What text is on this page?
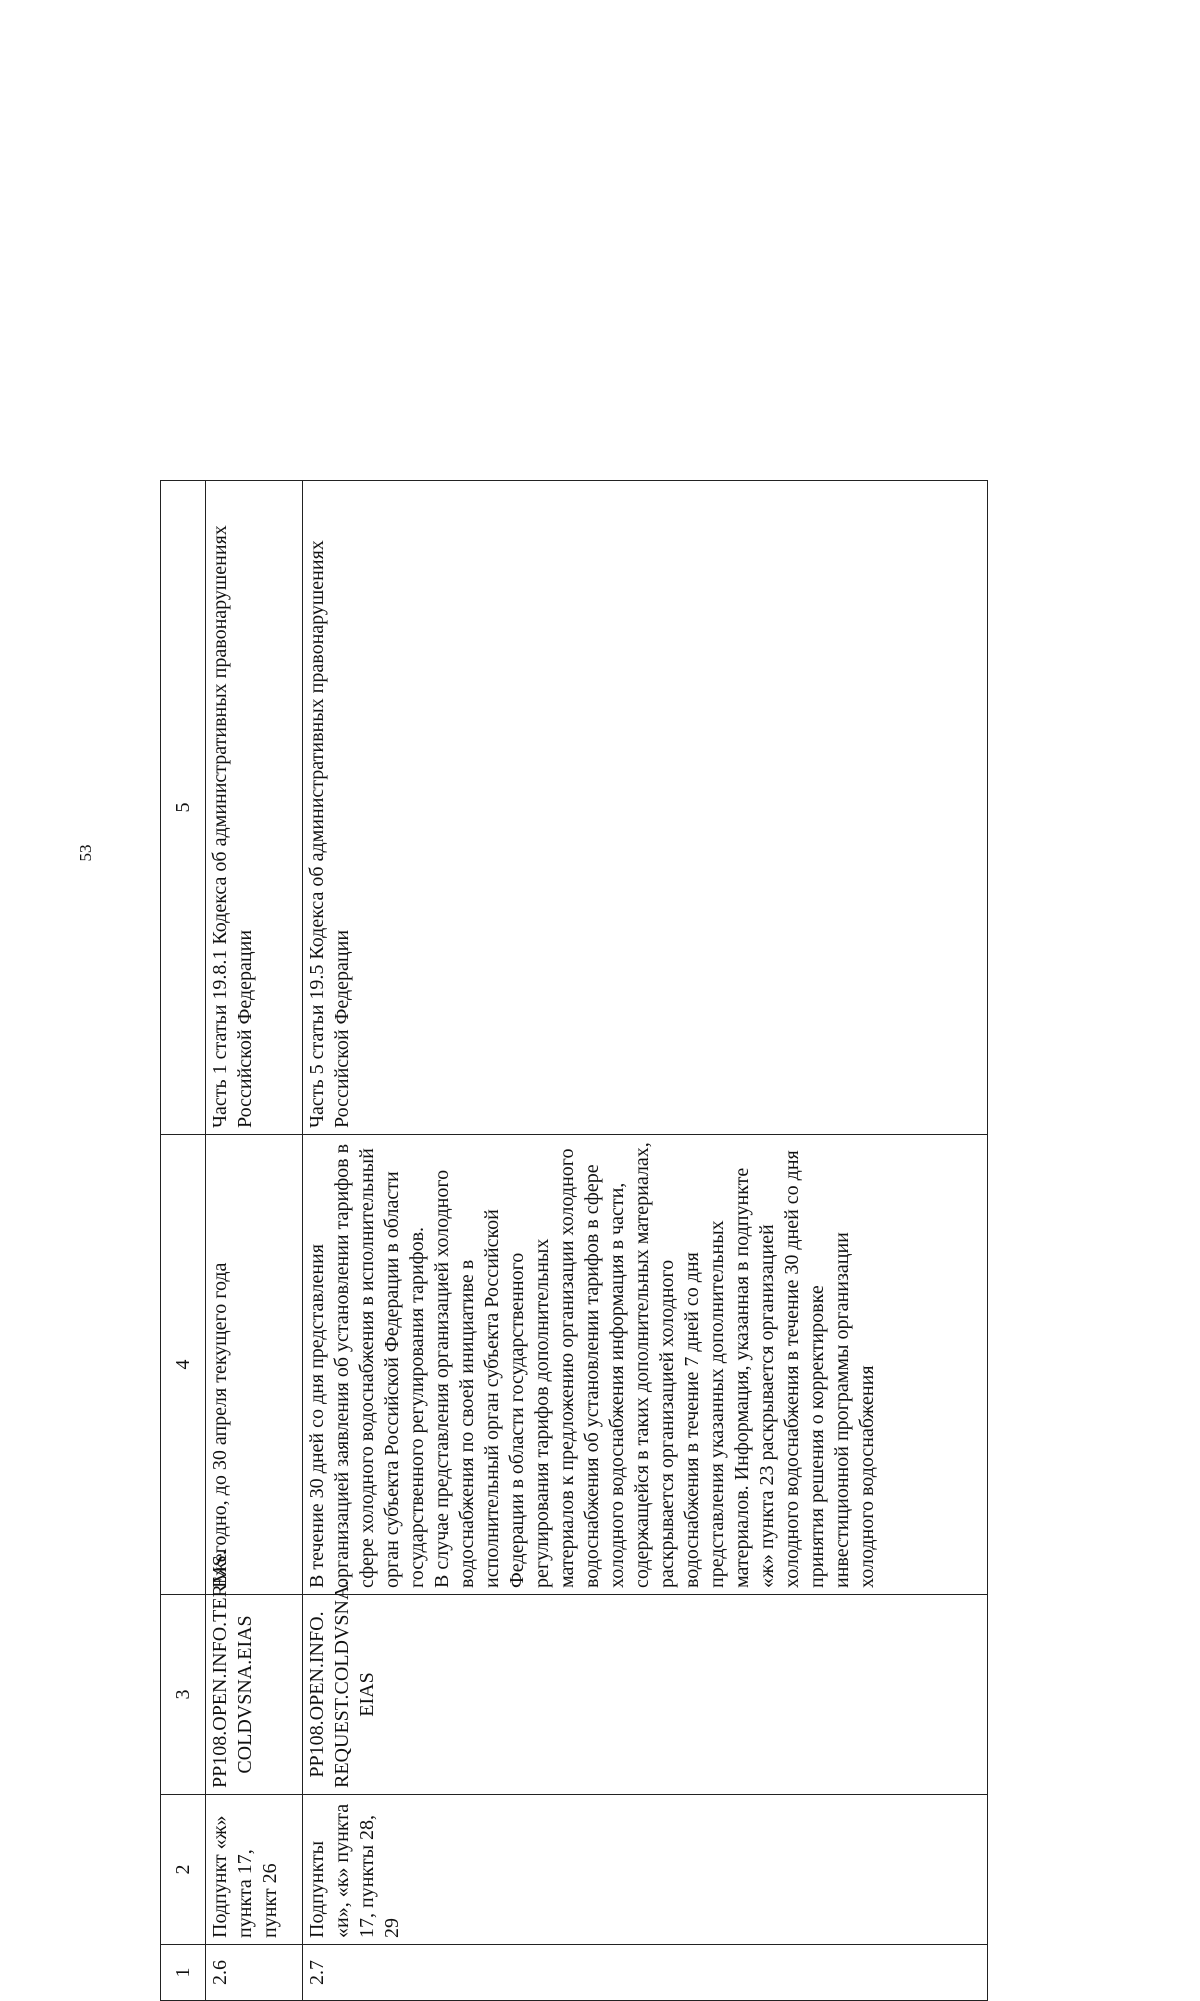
53
1	2	3	4	5
2.6	Подпункт «ж» пункта 17, пункт 26	PP108.OPEN.INFO.TERMS. COLDVSNA.EIAS	Ежегодно, до 30 апреля текущего года	Часть 1 статьи 19.8.1 Кодекса об административных правонарушениях Российской Федерации
2.7	Подпункты «и», «к» пункта 17, пункты 28, 29	PP108.OPEN.INFO. REQUEST.COLDVSNA. EIAS	В течение 30 дней со дня представления организацией заявления об установлении тарифов в сфере холодного водоснабжения в исполнительный орган субъекта Российской Федерации в области государственного регулирования тарифов. В случае представления организацией холодного водоснабжения по своей инициативе в исполнительный орган субъекта Российской Федерации в области государственного регулирования тарифов дополнительных материалов к предложению организации холодного водоснабжения об установлении тарифов в сфере холодного водоснабжения информация в части, содержащейся в таких дополнительных материалах, раскрывается организацией холодного водоснабжения в течение 7 дней со дня представления указанных дополнительных материалов. Информация, указанная в подпункте «ж» пункта 23 раскрывается организацией холодного водоснабжения в течение 30 дней со дня принятия решения о корректировке инвестиционной программы организации холодного водоснабжения	Часть 5 статьи 19.5 Кодекса об административных правонарушениях Российской Федерации
